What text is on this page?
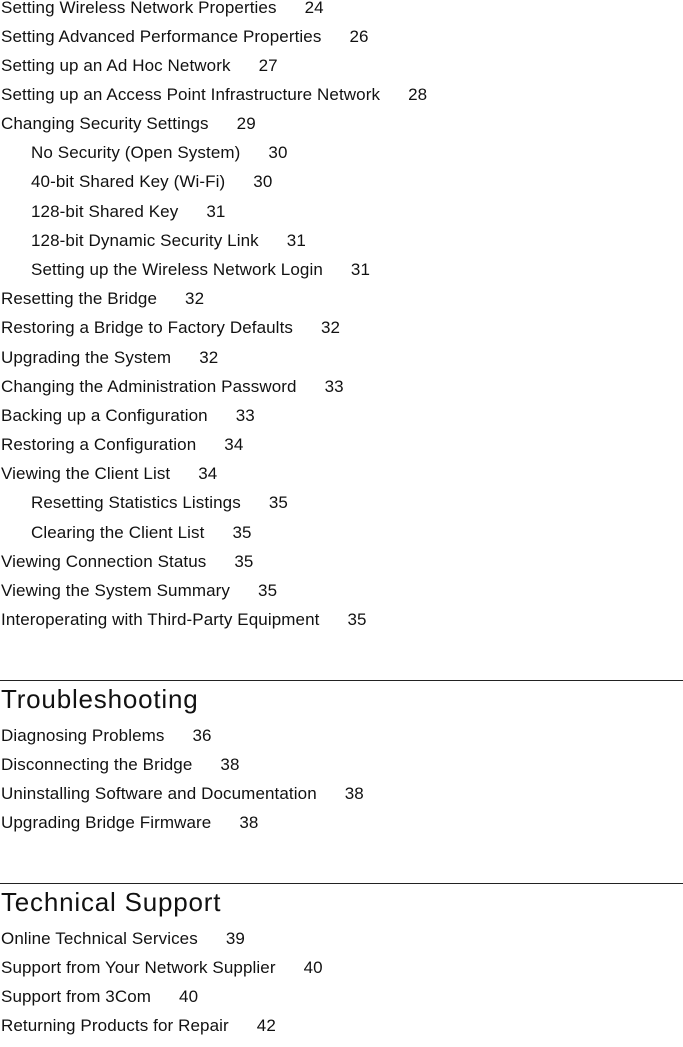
Setting Wireless Network Properties 24
Setting Advanced Performance Properties 26
Setting up an Ad Hoc Network 27
Setting up an Access Point Infrastructure Network 28
Changing Security Settings 29
No Security (Open System) 30
40-bit Shared Key (Wi-Fi) 30
128-bit Shared Key 31
128-bit Dynamic Security Link 31
Setting up the Wireless Network Login 31
Resetting the Bridge 32
Restoring a Bridge to Factory Defaults 32
Upgrading the System 32
Changing the Administration Password 33
Backing up a Configuration 33
Restoring a Configuration 34
Viewing the Client List 34
Resetting Statistics Listings 35
Clearing the Client List 35
Viewing Connection Status 35
Viewing the System Summary 35
Interoperating with Third-Party Equipment 35
Troubleshooting
Diagnosing Problems 36
Disconnecting the Bridge 38
Uninstalling Software and Documentation 38
Upgrading Bridge Firmware 38
Technical Support
Online Technical Services 39
Support from Your Network Supplier 40
Support from 3Com 40
Returning Products for Repair 42
